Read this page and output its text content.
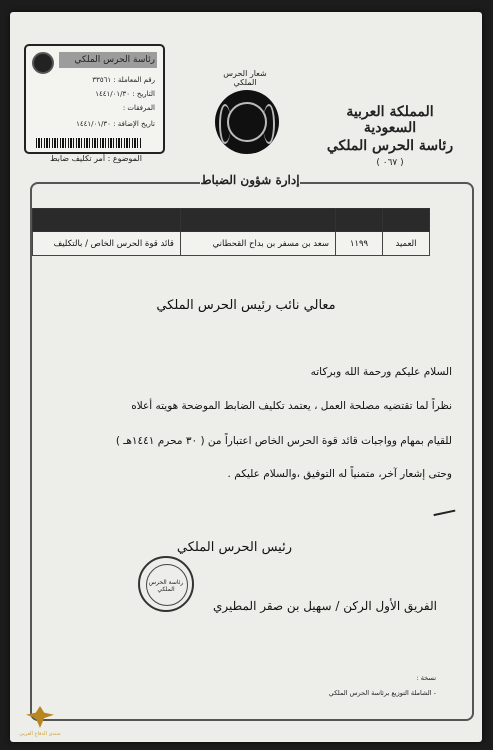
رئاسة الحرس الملكي
رقم المعاملة : ٣٣٥٦١
التاريخ : ١٤٤١/٠١/٣٠
المرفقات :
تاريخ الإضافة : ١٤٤١/٠١/٣٠
الموضوع : أمر تكليف ضابط
شعار الحرس الملكي
المملكة العربية السعودية
رئاسة الحرس الملكي
( ٠٦٧ )
إدارة شؤون الضباط

العميد	١١٩٩	سعد بن مسفر بن بداح القحطاني	قائد قوة الحرس الخاص / بالتكليف
معالي نائب رئيس الحرس الملكي
السلام عليكم ورحمة الله وبركاته
نظراً لما تقتضيه مصلحة العمل ، يعتمد تكليف الضابط الموضحة هويته أعلاه
للقيام بمهام وواجبات قائد قوة الحرس الخاص اعتباراً من ( ٣٠ محرم ١٤٤١هـ )
وحتى إشعار آخر، متمنياً له التوفيق ،والسلام عليكم .
رئيس الحرس الملكي
رئاسة الحرس الملكي
الفريق الأول الركن / سهيل بن صقر المطيري
نسخة :
- الشاملة التوزيع برئاسة الحرس الملكي
منتدى الدفاع العربي
